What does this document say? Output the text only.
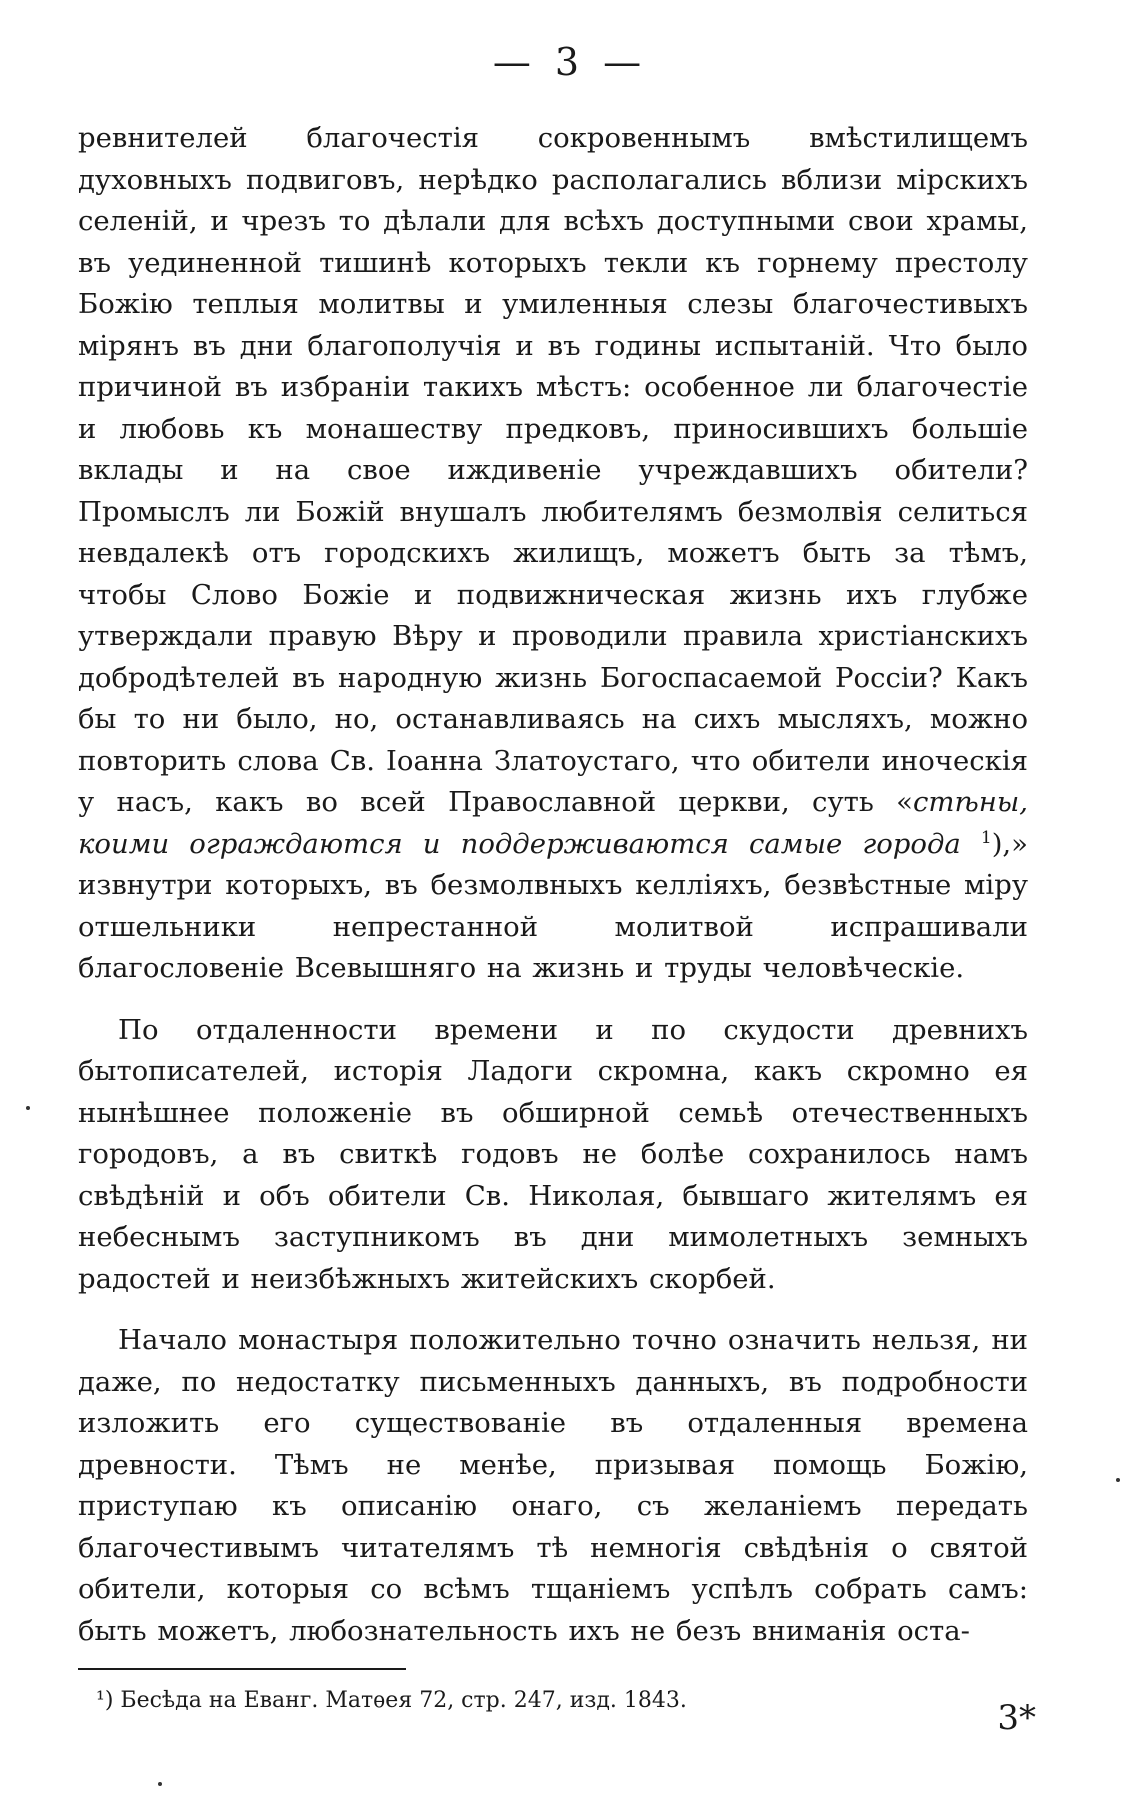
— 3 —

ревнителей благочестія сокровеннымъ вмѣстилищемъ духовныхъ подвиговъ, нерѣдко располагались вблизи мірскихъ селеній, и чрезъ то дѣлали для всѣхъ доступными свои храмы, въ уединенной тишинѣ которыхъ текли къ горнему престолу Божію теплыя молитвы и умиленныя слезы благочестивыхъ мірянъ въ дни благополучія и въ годины испытаній. Что было причиной въ избраніи такихъ мѣстъ: особенное ли благочестіе и любовь къ монашеству предковъ, приносившихъ большіе вклады и на свое иждивеніе учреждавшихъ обители? Промыслъ ли Божій внушалъ любителямъ безмолвія селиться невдалекѣ отъ городскихъ жилищъ, можетъ быть за тѣмъ, чтобы Слово Божіе и подвижническая жизнь ихъ глубже утверждали правую Вѣру и проводили правила христіанскихъ добродѣтелей въ народную жизнь Богоспасаемой Россіи? Какъ бы то ни было, но, останавливаясь на сихъ мысляхъ, можно повторить слова Св. Іоанна Златоустаго, что обители иноческія у насъ, какъ во всей Православной церкви, суть «стѣны, коими ограждаются и поддерживаются самые города $^1$),» извнутри которыхъ, въ безмолвныхъ келліяхъ, безвѣстные міру отшельники непрестанной молитвой испрашивали благословеніе Всевышняго на жизнь и труды человѣческіе.

По отдаленности времени и по скудости древнихъ бытописателей, исторія Ладоги скромна, какъ скромно ея нынѣшнее положеніе въ обширной семьѣ отечественныхъ городовъ, а въ свиткѣ годовъ не болѣе сохранилось намъ свѣдѣній и объ обители Св. Николая, бывшаго жителямъ ея небеснымъ заступникомъ въ дни мимолетныхъ земныхъ радостей и неизбѣжныхъ житейскихъ скорбей.

Начало монастыря положительно точно означить нельзя, ни даже, по недостатку письменныхъ данныхъ, въ подробности изложить его существованіе въ отдаленныя времена древности. Тѣмъ не менѣе, призывая помощь Божію, приступаю къ описанію онаго, съ желаніемъ передать благочестивымъ читателямъ тѣ немногія свѣдѣнія о святой обители, которыя со всѣмъ тщаніемъ успѣлъ собрать самъ: быть можетъ, любознательность ихъ не безъ вниманія оста-

¹) Бесѣда на Еванг. Матѳея 72, стр. 247, изд. 1843.	3*
